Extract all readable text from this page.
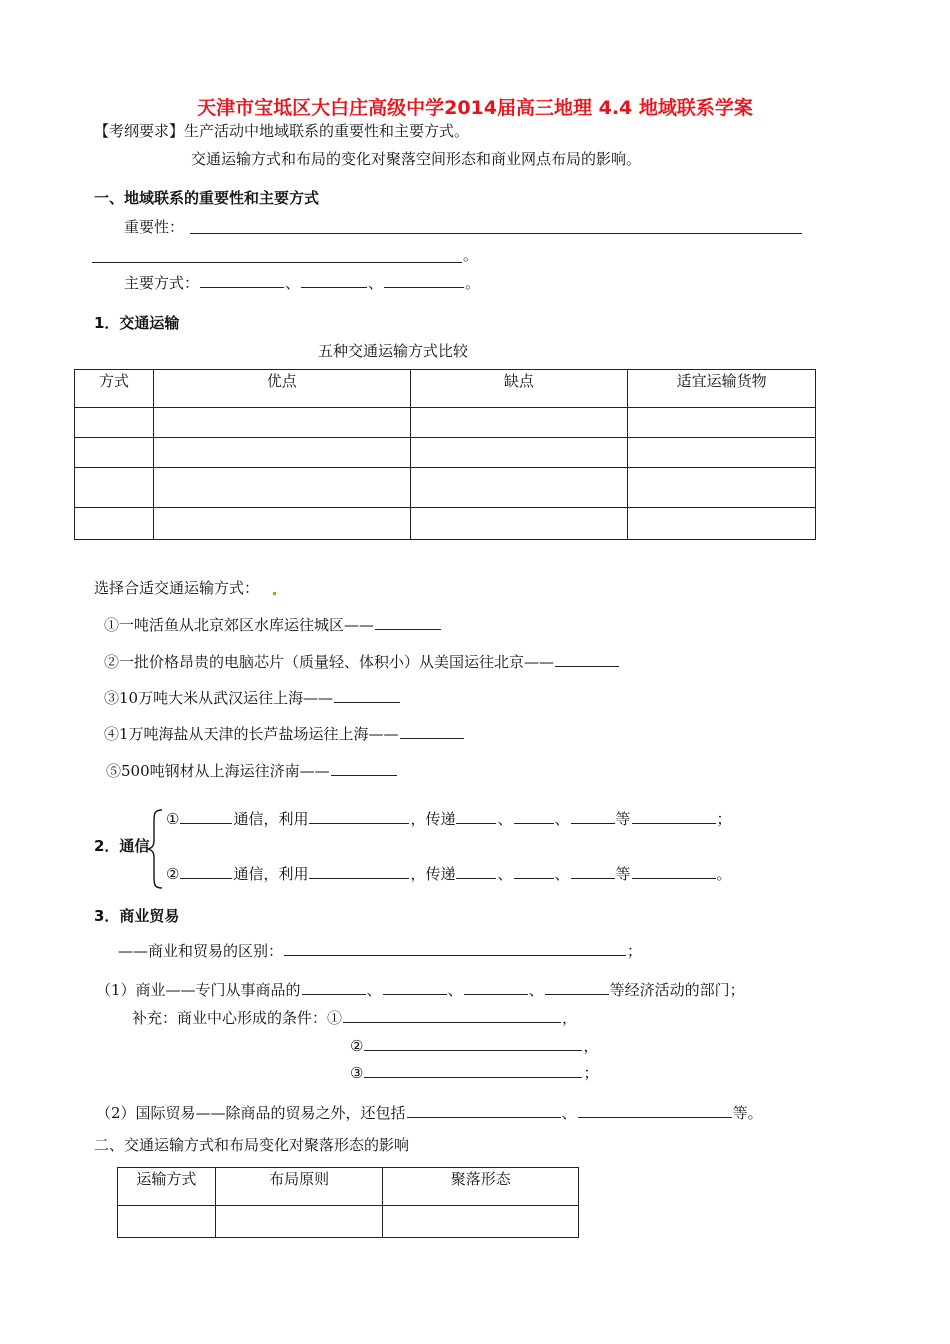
天津市宝坻区大白庄高级中学2014届高三地理 4.4 地域联系学案
【考纲要求】生产活动中地域联系的重要性和主要方式。
交通运输方式和布局的变化对聚落空间形态和商业网点布局的影响。
一、地域联系的重要性和主要方式
重要性：
。
主要方式：	、	、	。
1．交通运输
五种交通运输方式比较
方式	优点	缺点	适宜运输货物

选择合适交通运输方式：
①一吨活鱼从北京郊区水库运往城区——
②一批价格昂贵的电脑芯片（质量轻、体积小）从美国运往北京——
③10万吨大米从武汉运往上海——
④1万吨海盐从天津的长芦盐场运往上海——
⑤500吨钢材从上海运往济南——
2．通信
①	通信，利用	，传递	、	、	等	；
②	通信，利用	，传递	、	、	等	。
3．商业贸易
——商业和贸易的区别：	；
（1）商业——专门从事商品的	、	、	、	等经济活动的部门；
补充：商业中心形成的条件：①	，
②	，
③	；
（2）国际贸易——除商品的贸易之外，还包括	、	等。
二、交通运输方式和布局变化对聚落形态的影响
运输方式	布局原则	聚落形态
